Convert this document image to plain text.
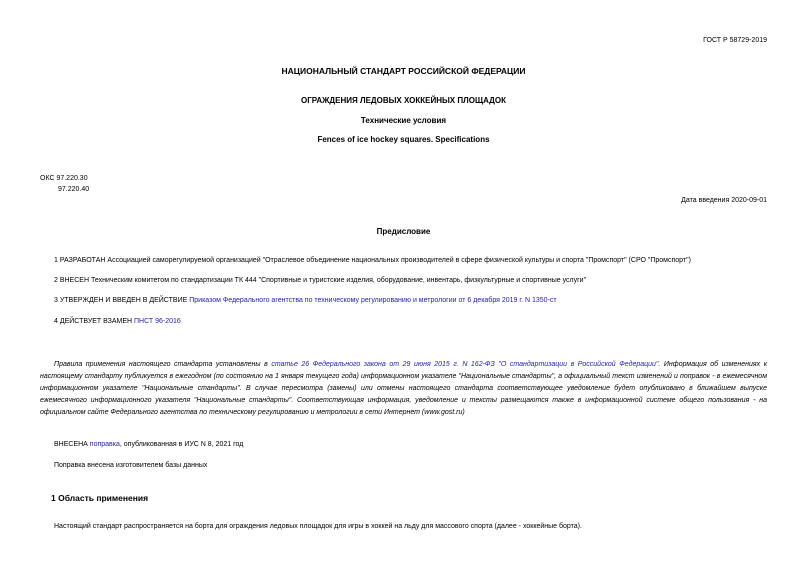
ГОСТ Р 58729-2019
НАЦИОНАЛЬНЫЙ СТАНДАРТ РОССИЙСКОЙ ФЕДЕРАЦИИ
ОГРАЖДЕНИЯ ЛЕДОВЫХ ХОККЕЙНЫХ ПЛОЩАДОК
Технические условия
Fences of ice hockey squares. Specifications
ОКС 97.220.30
97.220.40
Дата введения 2020-09-01
Предисловие
1 РАЗРАБОТАН Ассоциацией саморегулируемой организацией "Отраслевое объединение национальных производителей в сфере физической культуры и спорта "Промспорт" (СРО "Промспорт")
2 ВНЕСЕН Техническим комитетом по стандартизации ТК 444 "Спортивные и туристские изделия, оборудование, инвентарь, физкультурные и спортивные услуги"
3 УТВЕРЖДЕН И ВВЕДЕН В ДЕЙСТВИЕ Приказом Федерального агентства по техническому регулированию и метрологии от 6 декабря 2019 г. N 1350-ст
4 ДЕЙСТВУЕТ ВЗАМЕН ПНСТ 96-2016
Правила применения настоящего стандарта установлены в статье 26 Федерального закона от 29 июня 2015 г. N 162-ФЗ "О стандартизации в Российской Федерации". Информация об изменениях к настоящему стандарту публикуется в ежегодном (по состоянию на 1 января текущего года) информационном указателе "Национальные стандарты", а официальный текст изменений и поправок - в ежемесячном информационном указателе "Национальные стандарты". В случае пересмотра (замены) или отмены настоящего стандарта соответствующее уведомление будет опубликовано в ближайшем выпуске ежемесячного информационного указателя "Национальные стандарты". Соответствующая информация, уведомление и тексты размещаются также в информационной системе общего пользования - на официальном сайте Федерального агентства по техническому регулированию и метрологии в сети Интернет (www.gost.ru)
ВНЕСЕНА поправка, опубликованная в ИУС N 8, 2021 год
Поправка внесена изготовителем базы данных
1 Область применения
Настоящий стандарт распространяется на борта для ограждения ледовых площадок для игры в хоккей на льду для массового спорта (далее - хоккейные борта).
